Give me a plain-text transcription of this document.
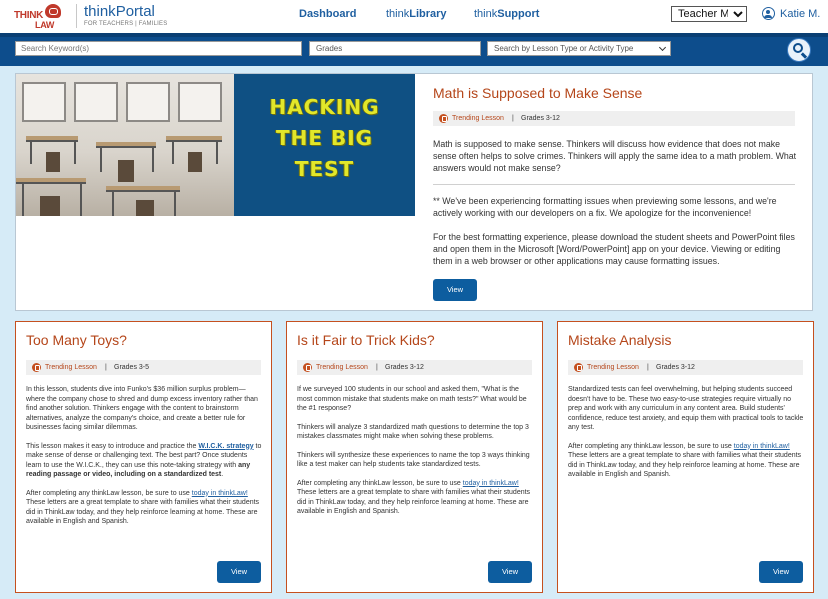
THINK
LAW
thinkPortal
FOR TEACHERS | FAMILIES
Dashboard	thinkLibrary thinkSupport
Teacher Mode	Katie M.
Search Keyword(s)
Grades	Search by Lesson Type or Activity Type
HACKING
THE BIG
TEST
Math is Supposed to Make Sense
Trending Lesson | Grades 3-12
Math is supposed to make sense. Thinkers will discuss how evidence that does not make sense often helps to solve crimes. Thinkers will apply the same idea to a math problem. What answers would not make sense?
** We've been experiencing formatting issues when previewing some lessons, and we're actively working with our developers on a fix. We apologize for the inconvenience!
For the best formatting experience, please download the student sheets and PowerPoint files and open them in the Microsoft [Word/PowerPoint] app on your device. Viewing or editing them in a web browser or other applications may cause formatting issues.
View
Too Many Toys?
Trending Lesson | Grades 3-5

In this lesson, students dive into Funko's $36 million surplus problem—where the company chose to shred and dump excess inventory rather than find another solution. Thinkers engage with the content to brainstorm alternatives, analyze the company's choice, and create a better rule for businesses facing similar dilemmas.

This lesson makes it easy to introduce and practice the W.I.C.K. strategy to make sense of dense or challenging text. The best part? Once students learn to use the W.I.C.K., they can use this note-taking strategy with any reading passage or video, including on a standardized test.

After completing any thinkLaw lesson, be sure to use today in thinkLaw! These letters are a great template to share with families what their students did in ThinkLaw today, and they help reinforce learning at home. These are available in English and Spanish.

View
Is it Fair to Trick Kids?
Trending Lesson | Grades 3-12

If we surveyed 100 students in our school and asked them, "What is the most common mistake that students make on math tests?" What would be the #1 response?

Thinkers will analyze 3 standardized math questions to determine the top 3 mistakes classmates might make when solving these problems.

Thinkers will synthesize these experiences to name the top 3 ways thinking like a test maker can help students take standardized tests.

After completing any thinkLaw lesson, be sure to use today in thinkLaw! These letters are a great template to share with families what their students did in ThinkLaw today, and they help reinforce learning at home. These are available in English and Spanish.

View
Mistake Analysis
Trending Lesson | Grades 3-12

Standardized tests can feel overwhelming, but helping students succeed doesn't have to be. These two easy-to-use strategies require virtually no prep and work with any curriculum in any content area. Build students' confidence, reduce test anxiety, and equip them with practical tools to tackle any test.

After completing any thinkLaw lesson, be sure to use today in thinkLaw! These letters are a great template to share with families what their students did in ThinkLaw today, and they help reinforce learning at home. These are available in English and Spanish.

View
